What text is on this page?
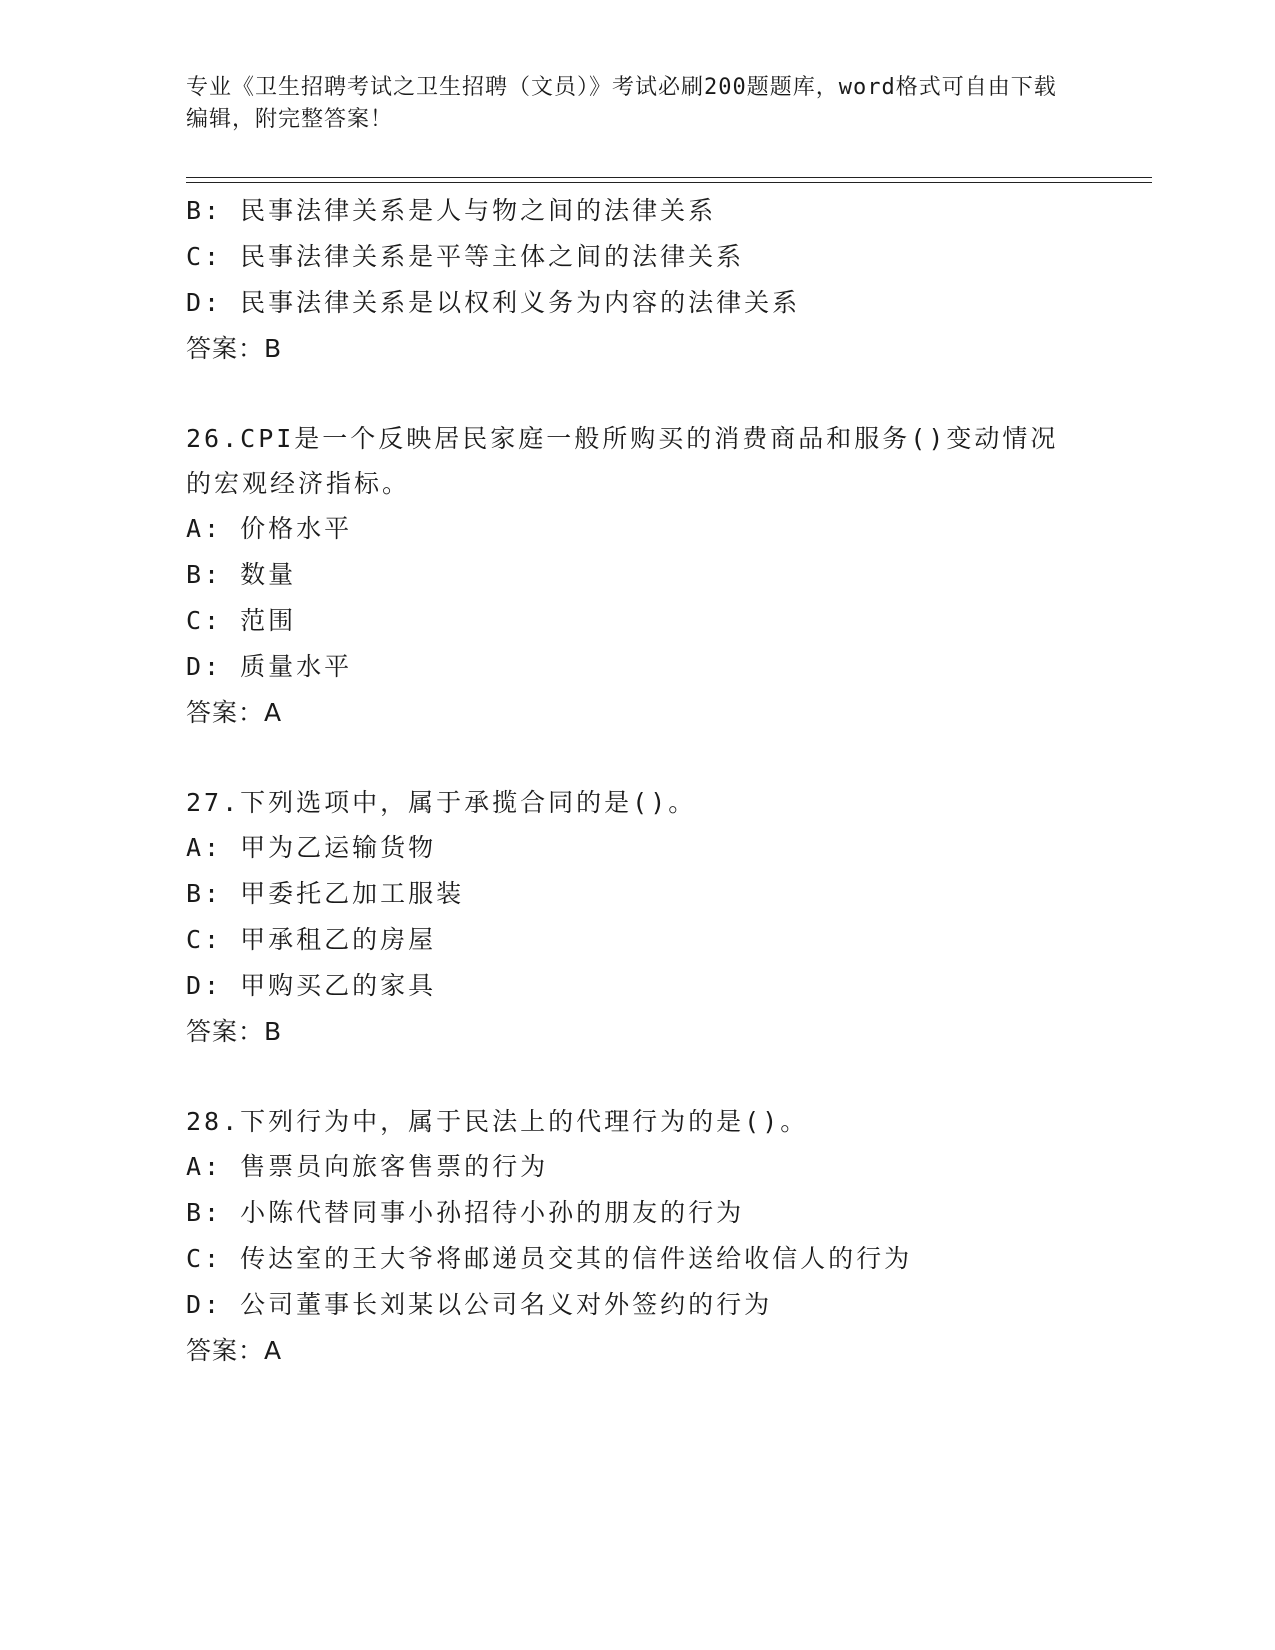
专业《卫生招聘考试之卫生招聘（文员）》考试必刷200题题库，word格式可自由下载编辑，附完整答案！
B: 民事法律关系是人与物之间的法律关系
C: 民事法律关系是平等主体之间的法律关系
D: 民事法律关系是以权利义务为内容的法律关系
答案：B
26.CPI是一个反映居民家庭一般所购买的消费商品和服务()变动情况的宏观经济指标。
A: 价格水平
B: 数量
C: 范围
D: 质量水平
答案：A
27.下列选项中，属于承揽合同的是()。
A: 甲为乙运输货物
B: 甲委托乙加工服装
C: 甲承租乙的房屋
D: 甲购买乙的家具
答案：B
28.下列行为中，属于民法上的代理行为的是()。
A: 售票员向旅客售票的行为
B: 小陈代替同事小孙招待小孙的朋友的行为
C: 传达室的王大爷将邮递员交其的信件送给收信人的行为
D: 公司董事长刘某以公司名义对外签约的行为
答案：A
